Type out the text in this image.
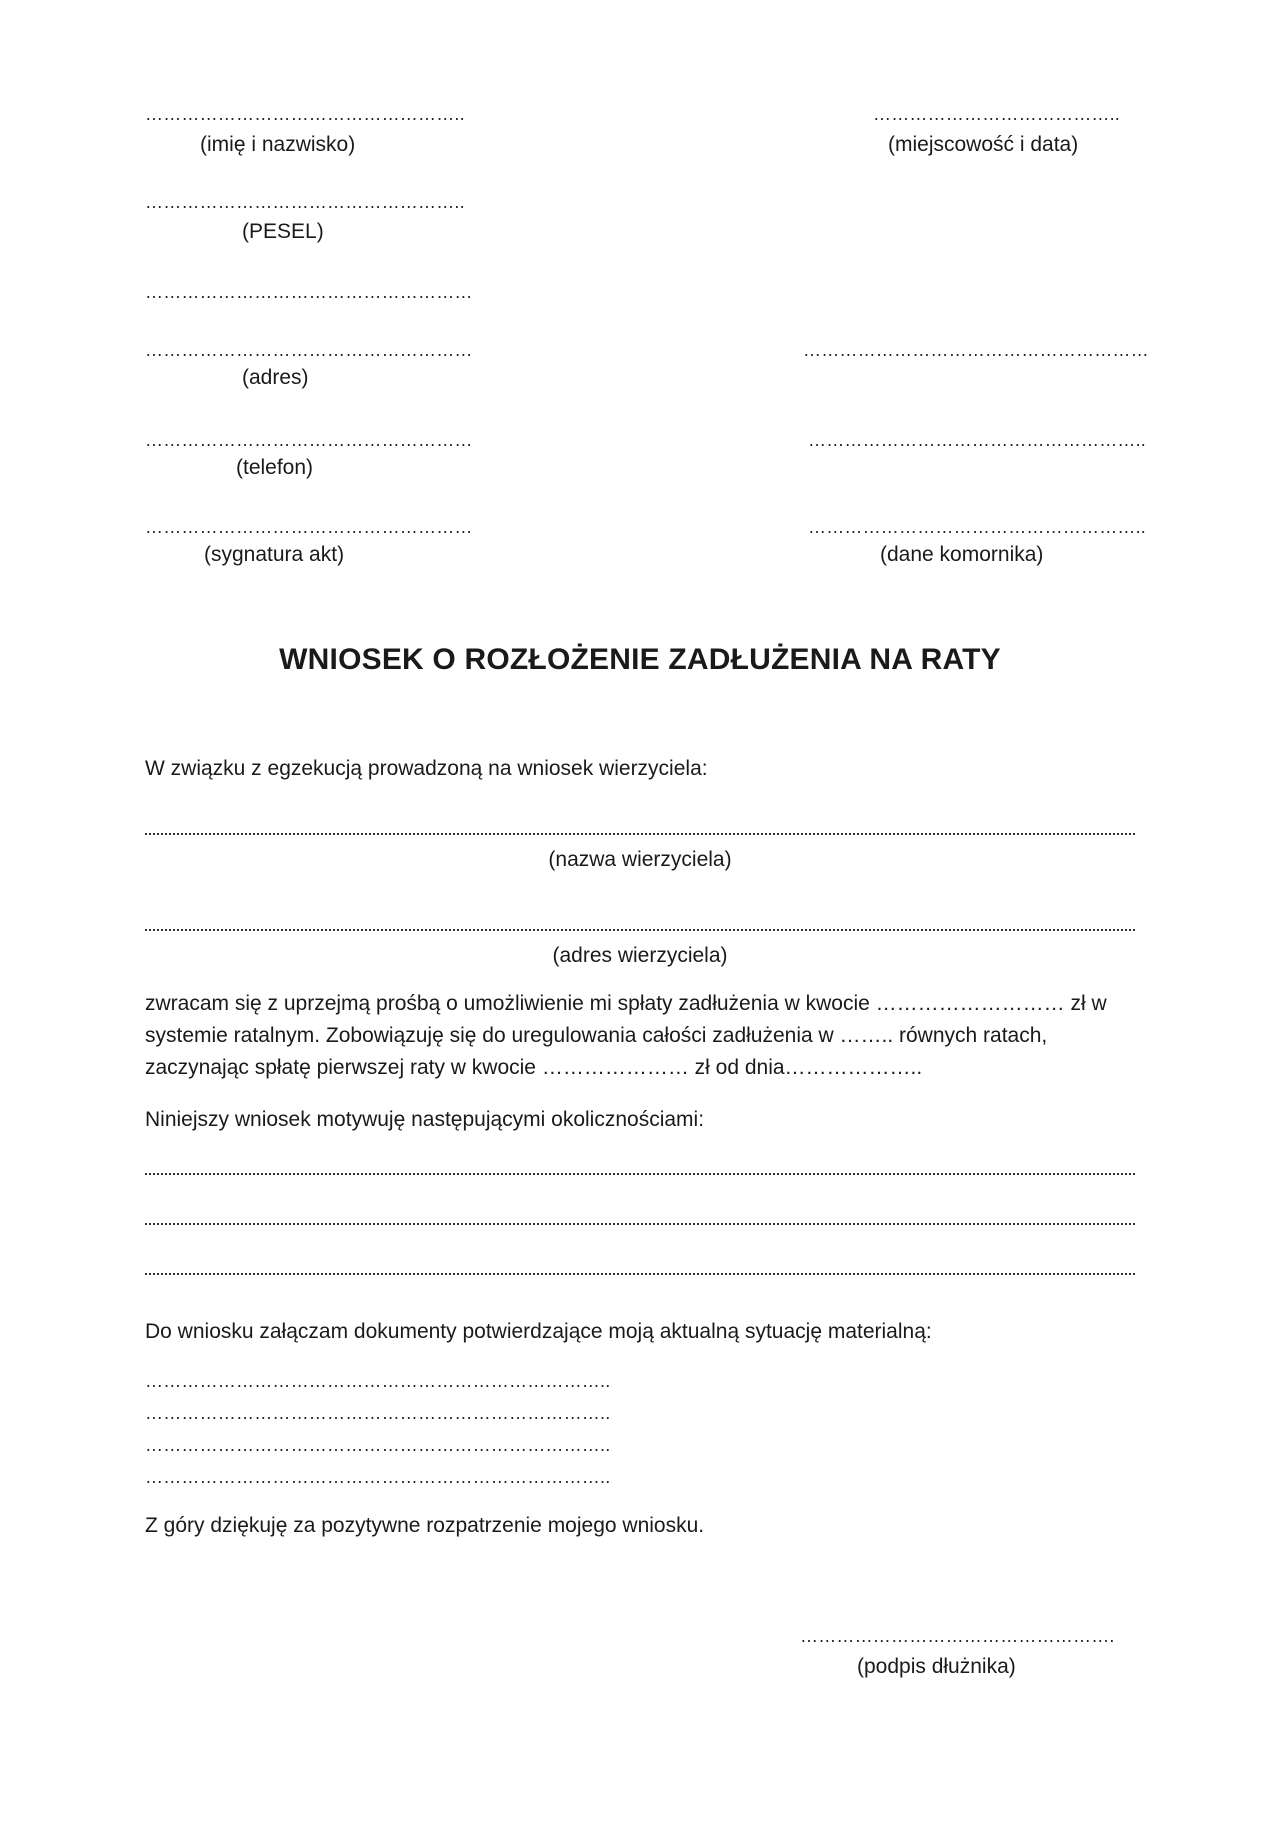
……………………………………………..
(imię i nazwisko)
……………………………………………..
(PESEL)
………………………………………………
………………………………………………
(adres)
………………………………………………
(telefon)
………………………………………………
(sygnatura akt)
…………………………………..
(miejscowość i data)
…………………………………………………
………………………………………………..
………………………………………………..
(dane komornika)
WNIOSEK O ROZŁOŻENIE ZADŁUŻENIA NA RATY
W związku z egzekucją prowadzoną na wniosek wierzyciela:
(nazwa wierzyciela)
(adres wierzyciela)
zwracam się z uprzejmą prośbą o umożliwienie mi spłaty zadłużenia w kwocie ……………………… zł w
systemie ratalnym. Zobowiązuję się do uregulowania całości zadłużenia w …….. równych ratach,
zaczynając spłatę pierwszej raty w kwocie ………………… zł od dnia………………..
Niniejszy wniosek motywuję następującymi okolicznościami:
Do wniosku załączam dokumenty potwierdzające moją aktualną sytuację materialną:
…………………………………………………………………..
…………………………………………………………………..
…………………………………………………………………..
…………………………………………………………………..
Z góry dziękuję za pozytywne rozpatrzenie mojego wniosku.
…………………………………………….
(podpis dłużnika)
